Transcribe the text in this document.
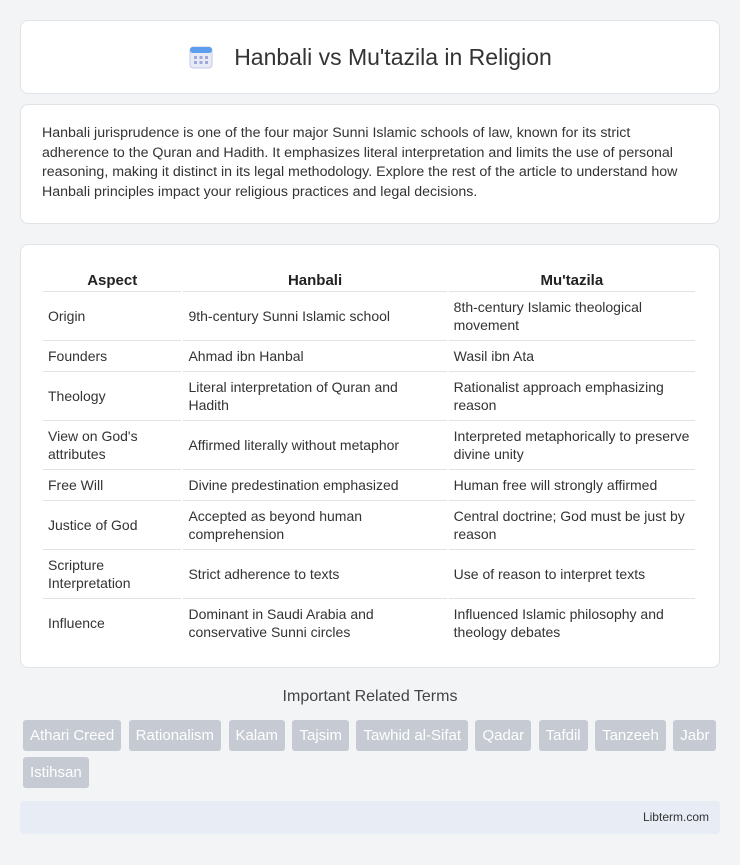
Hanbali vs Mu'tazila in Religion

Hanbali jurisprudence is one of the four major Sunni Islamic schools of law, known for its strict adherence to the Quran and Hadith. It emphasizes literal interpretation and limits the use of personal reasoning, making it distinct in its legal methodology. Explore the rest of the article to understand how Hanbali principles impact your religious practices and legal decisions.

Aspect	Hanbali	Mu'tazila
Origin	9th-century Sunni Islamic school	8th-century Islamic theological movement
Founders	Ahmad ibn Hanbal	Wasil ibn Ata
Theology	Literal interpretation of Quran and Hadith	Rationalist approach emphasizing reason
View on God's attributes	Affirmed literally without metaphor	Interpreted metaphorically to preserve divine unity
Free Will	Divine predestination emphasized	Human free will strongly affirmed
Justice of God	Accepted as beyond human comprehension	Central doctrine; God must be just by reason
Scripture Interpretation	Strict adherence to texts	Use of reason to interpret texts
Influence	Dominant in Saudi Arabia and conservative Sunni circles	Influenced Islamic philosophy and theology debates
Important Related Terms
Athari Creed Rationalism Kalam Tajsim Tawhid al-Sifat Qadar Tafdil Tanzeeh Jabr Istihsan
Libterm.com
